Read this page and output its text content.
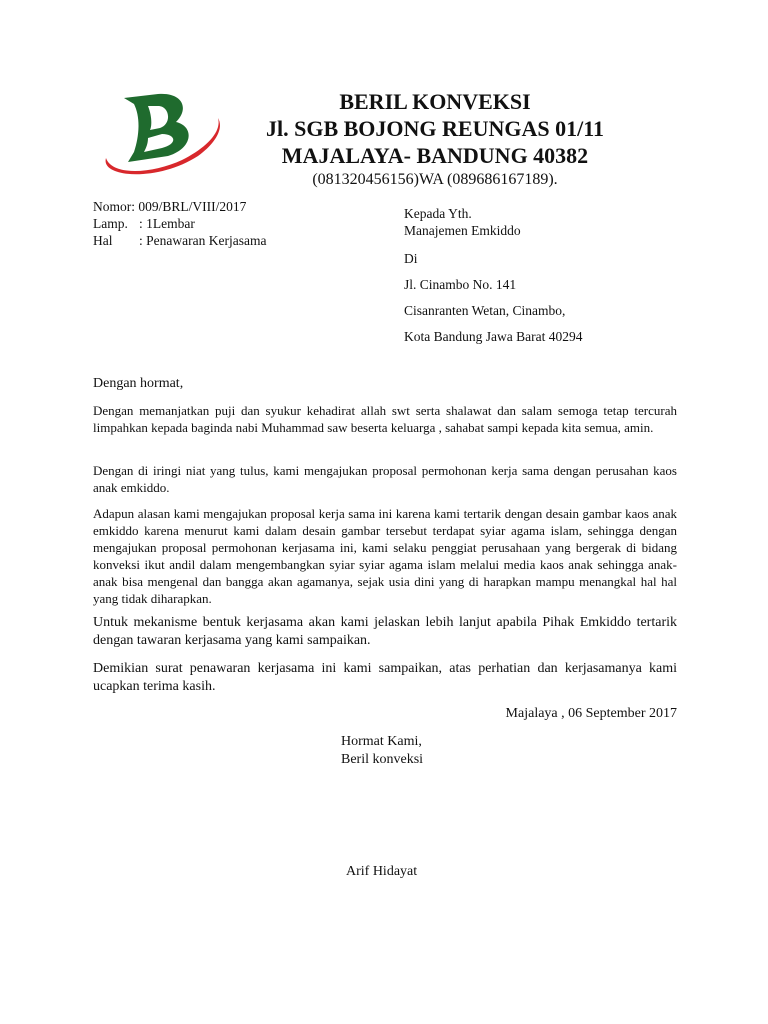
BERIL KONVEKSI
Jl. SGB BOJONG REUNGAS 01/11
MAJALAYA- BANDUNG 40382
(081320456156)WA (089686167189).
Nomor : 009/BRL/VIII/2017
Lamp. : 1Lembar
Hal	: Penawaran Kerjasama
Kepada Yth.
Manajemen Emkiddo
Di
Jl. Cinambo No. 141
Cisanranten Wetan, Cinambo,
Kota Bandung Jawa Barat 40294
Dengan hormat,
Dengan memanjatkan puji dan syukur kehadirat allah swt serta shalawat dan salam semoga tetap tercurah limpahkan kepada baginda nabi Muhammad saw beserta keluarga , sahabat sampi kepada kita semua, amin.
Dengan di iringi niat yang tulus, kami mengajukan proposal permohonan kerja sama dengan perusahan kaos anak emkiddo.
Adapun alasan kami mengajukan proposal kerja sama ini karena kami tertarik dengan desain gambar kaos anak emkiddo karena menurut kami dalam desain gambar tersebut terdapat syiar agama islam, sehingga dengan mengajukan proposal permohonan kerjasama ini, kami selaku penggiat perusahaan yang bergerak di bidang konveksi ikut andil dalam mengembangkan syiar syiar agama islam melalui media kaos anak sehingga anak-anak bisa mengenal dan bangga akan agamanya, sejak usia dini yang di harapkan mampu menangkal hal hal yang tidak diharapkan.
Untuk mekanisme bentuk kerjasama akan kami jelaskan lebih lanjut apabila Pihak Emkiddo tertarik dengan tawaran kerjasama yang kami sampaikan.
Demikian surat penawaran kerjasama ini kami sampaikan, atas perhatian dan kerjasamanya kami ucapkan terima kasih.
Majalaya , 06 September 2017
Hormat Kami,
Beril konveksi
Arif Hidayat
